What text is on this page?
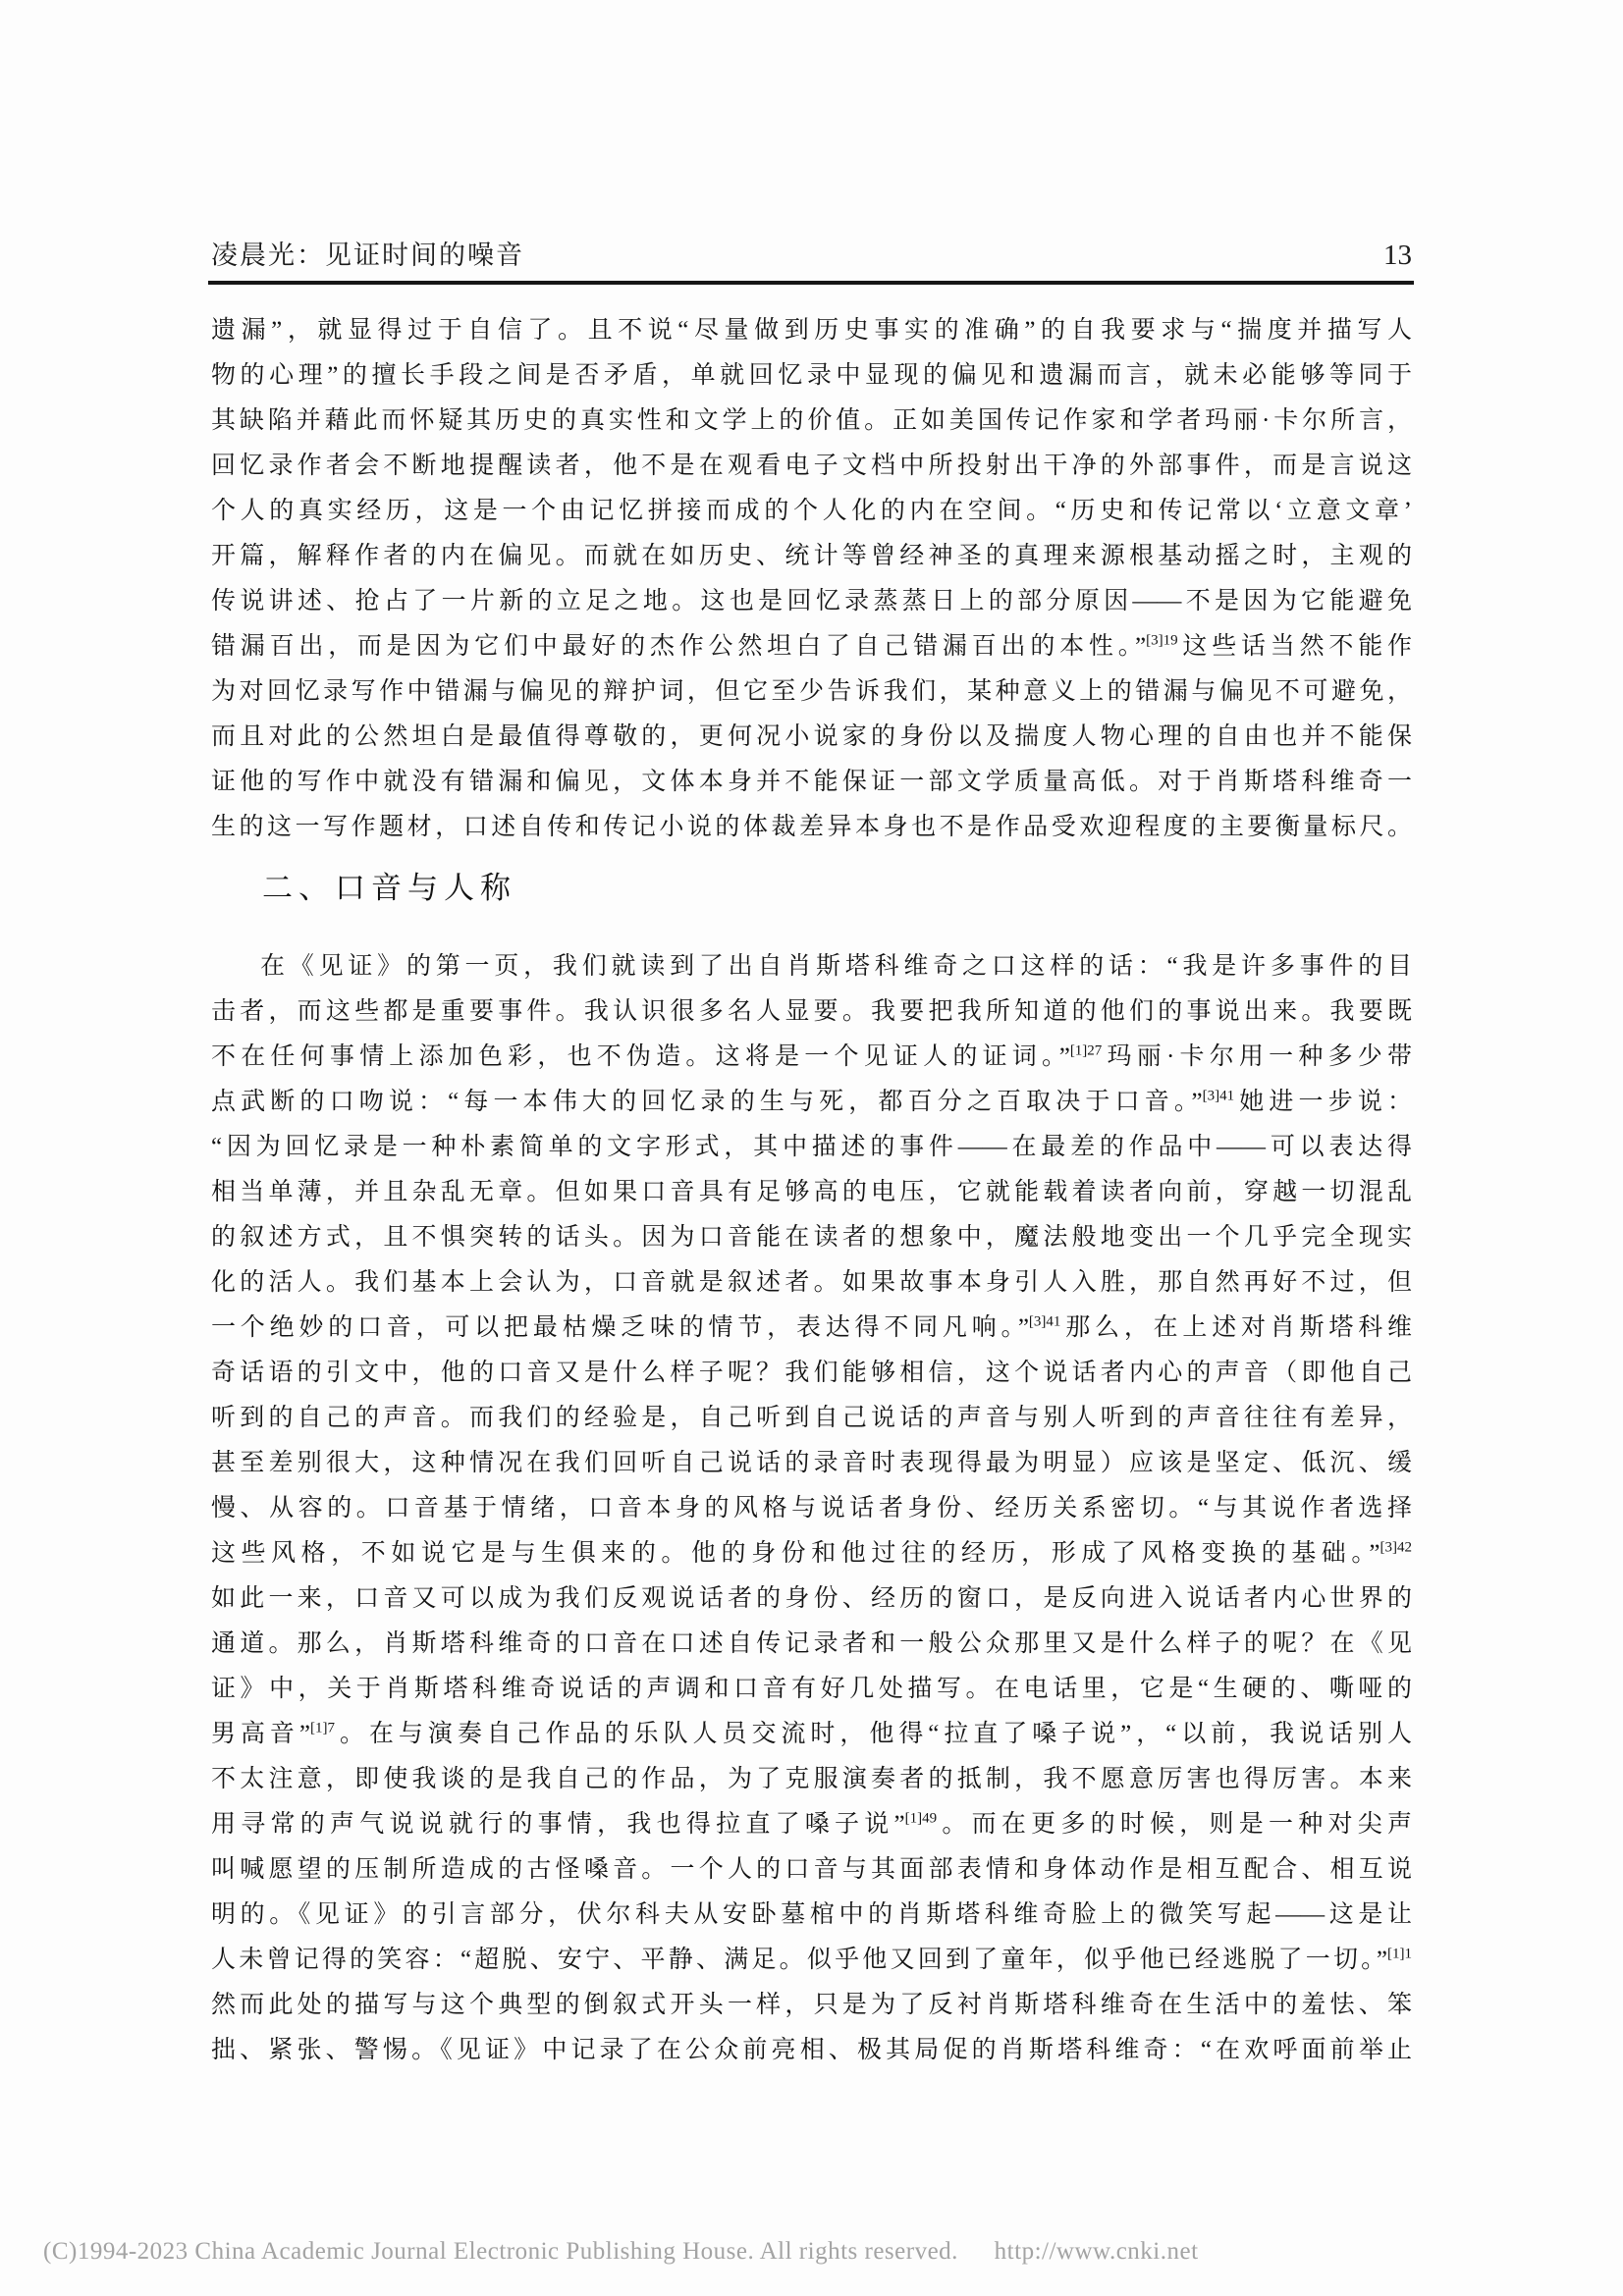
凌晨光：见证时间的噪音	13
遗漏”，就显得过于自信了。且不说“尽量做到历史事实的准确”的自我要求与“揣度并描写人
物的心理”的擅长手段之间是否矛盾，单就回忆录中显现的偏见和遗漏而言，就未必能够等同于
其缺陷并藉此而怀疑其历史的真实性和文学上的价值。正如美国传记作家和学者玛丽·卡尔所言，
回忆录作者会不断地提醒读者，他不是在观看电子文档中所投射出干净的外部事件，而是言说这
个人的真实经历，这是一个由记忆拼接而成的个人化的内在空间。“历史和传记常以‘立意文章’
开篇，解释作者的内在偏见。而就在如历史、统计等曾经神圣的真理来源根基动摇之时，主观的
传说讲述、抢占了一片新的立足之地。这也是回忆录蒸蒸日上的部分原因——不是因为它能避免
错漏百出，而是因为它们中最好的杰作公然坦白了自己错漏百出的本性。”$^{[3]19}$这些话当然不能作
为对回忆录写作中错漏与偏见的辩护词，但它至少告诉我们，某种意义上的错漏与偏见不可避免，
而且对此的公然坦白是最值得尊敬的，更何况小说家的身份以及揣度人物心理的自由也并不能保
证他的写作中就没有错漏和偏见，文体本身并不能保证一部文学质量高低。对于肖斯塔科维奇一
生的这一写作题材，口述自传和传记小说的体裁差异本身也不是作品受欢迎程度的主要衡量标尺。
二、口音与人称
在《见证》的第一页，我们就读到了出自肖斯塔科维奇之口这样的话：“我是许多事件的目
击者，而这些都是重要事件。我认识很多名人显要。我要把我所知道的他们的事说出来。我要既
不在任何事情上添加色彩，也不伪造。这将是一个见证人的证词。”$^{[1]27}$玛丽·卡尔用一种多少带
点武断的口吻说：“每一本伟大的回忆录的生与死，都百分之百取决于口音。”$^{[3]41}$她进一步说：
“因为回忆录是一种朴素简单的文字形式，其中描述的事件——在最差的作品中——可以表达得
相当单薄，并且杂乱无章。但如果口音具有足够高的电压，它就能载着读者向前，穿越一切混乱
的叙述方式，且不惧突转的话头。因为口音能在读者的想象中，魔法般地变出一个几乎完全现实
化的活人。我们基本上会认为，口音就是叙述者。如果故事本身引人入胜，那自然再好不过，但
一个绝妙的口音，可以把最枯燥乏味的情节，表达得不同凡响。”$^{[3]41}$那么，在上述对肖斯塔科维
奇话语的引文中，他的口音又是什么样子呢？我们能够相信，这个说话者内心的声音（即他自己
听到的自己的声音。而我们的经验是，自己听到自己说话的声音与别人听到的声音往往有差异，
甚至差别很大，这种情况在我们回听自己说话的录音时表现得最为明显）应该是坚定、低沉、缓
慢、从容的。口音基于情绪，口音本身的风格与说话者身份、经历关系密切。“与其说作者选择
这些风格，不如说它是与生俱来的。他的身份和他过往的经历，形成了风格变换的基础。”$^{[3]42}$
如此一来，口音又可以成为我们反观说话者的身份、经历的窗口，是反向进入说话者内心世界的
通道。那么，肖斯塔科维奇的口音在口述自传记录者和一般公众那里又是什么样子的呢？在《见
证》中，关于肖斯塔科维奇说话的声调和口音有好几处描写。在电话里，它是“生硬的、嘶哑的
男高音”$^{[1]7}$。在与演奏自己作品的乐队人员交流时，他得“拉直了嗓子说”，“以前，我说话别人
不太注意，即使我谈的是我自己的作品，为了克服演奏者的抵制，我不愿意厉害也得厉害。本来
用寻常的声气说说就行的事情，我也得拉直了嗓子说”$^{[1]49}$。而在更多的时候，则是一种对尖声
叫喊愿望的压制所造成的古怪嗓音。一个人的口音与其面部表情和身体动作是相互配合、相互说
明的。《见证》的引言部分，伏尔科夫从安卧墓棺中的肖斯塔科维奇脸上的微笑写起——这是让
人未曾记得的笑容：“超脱、安宁、平静、满足。似乎他又回到了童年，似乎他已经逃脱了一切。”$^{[1]1}$
然而此处的描写与这个典型的倒叙式开头一样，只是为了反衬肖斯塔科维奇在生活中的羞怯、笨
拙、紧张、警惕。《见证》中记录了在公众前亮相、极其局促的肖斯塔科维奇：“在欢呼面前举止
(C)1994-2023 China Academic Journal Electronic Publishing House. All rights reserved. http://www.cnki.net
